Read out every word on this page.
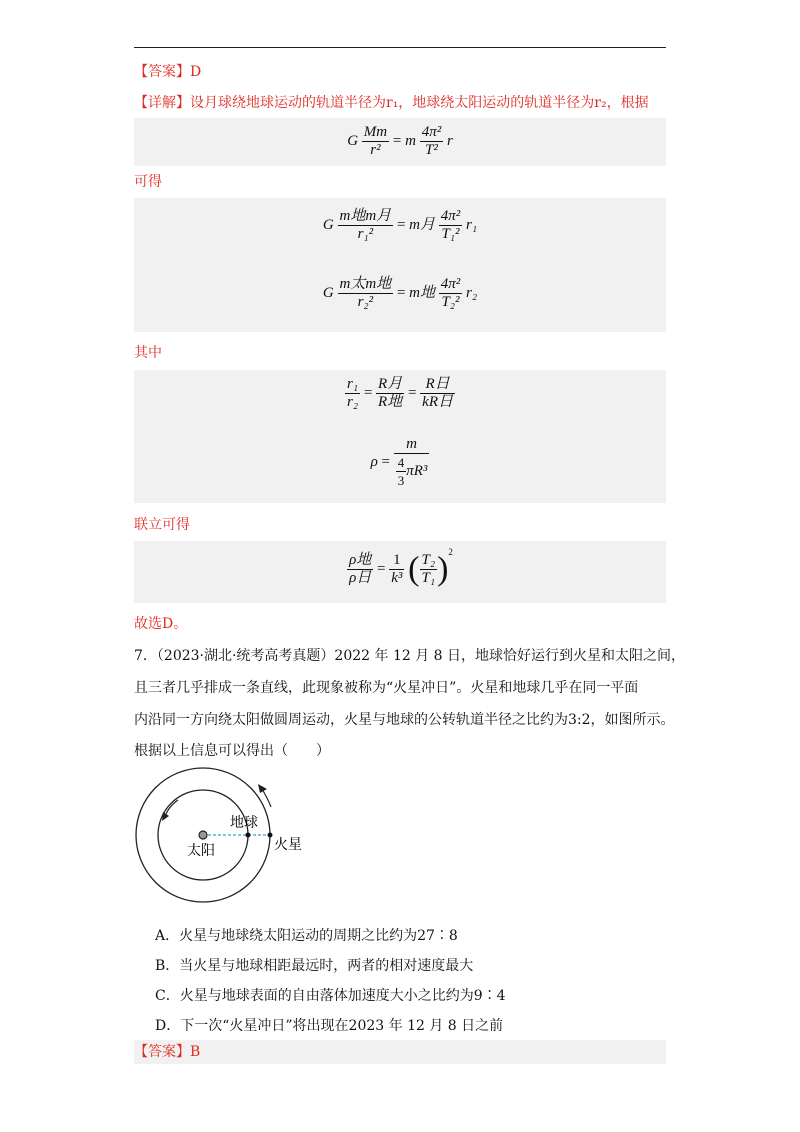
【答案】D
【详解】设月球绕地球运动的轨道半径为r₁，地球绕太阳运动的轨道半径为r₂，根据
G $\frac{Mm}{\text{r²}} = m \frac{\text{4π²}}{\text{T²}}$ r
可得
G $\frac{\text{m地m月}}{\text{r₁²}} = m$月 $\frac{\text{4π²}}{\text{T₁²}} r_1$
G $\frac{\text{m太m地}}{\text{r₂²}} = m$地 $\frac{\text{4π²}}{\text{T₂²}} r_2$
其中
$\frac{\text{r₁}}{\text{r₂}} = \frac{\text{R月}}{\text{R地}} = \frac{\text{R日}}{\text{kR日}}$
$\rho = \frac{m}{\frac{4}{3} \pi R^3}$
联立可得
$\frac{\text{ρ地}}{\text{ρ日}} = \frac{1}{\text{k³}}$ ( $\frac{\text{T₂}}{\text{T₁}} )^2$
故选D。
7．（2023·湖北·统考高考真题）2022 年 12 月 8 日，地球恰好运行到火星和太阳之间，
且三者几乎排成一条直线，此现象被称为“火星冲日”。火星和地球几乎在同一平面
内沿同一方向绕太阳做圆周运动，火星与地球的公转轨道半径之比约为3:2，如图所示。
根据以上信息可以得出（　　）
地球
太阳	火星
A．火星与地球绕太阳运动的周期之比约为27∶8
B．当火星与地球相距最远时，两者的相对速度最大
C．火星与地球表面的自由落体加速度大小之比约为9∶4
D．下一次“火星冲日”将出现在2023 年 12 月 8 日之前
【答案】B
